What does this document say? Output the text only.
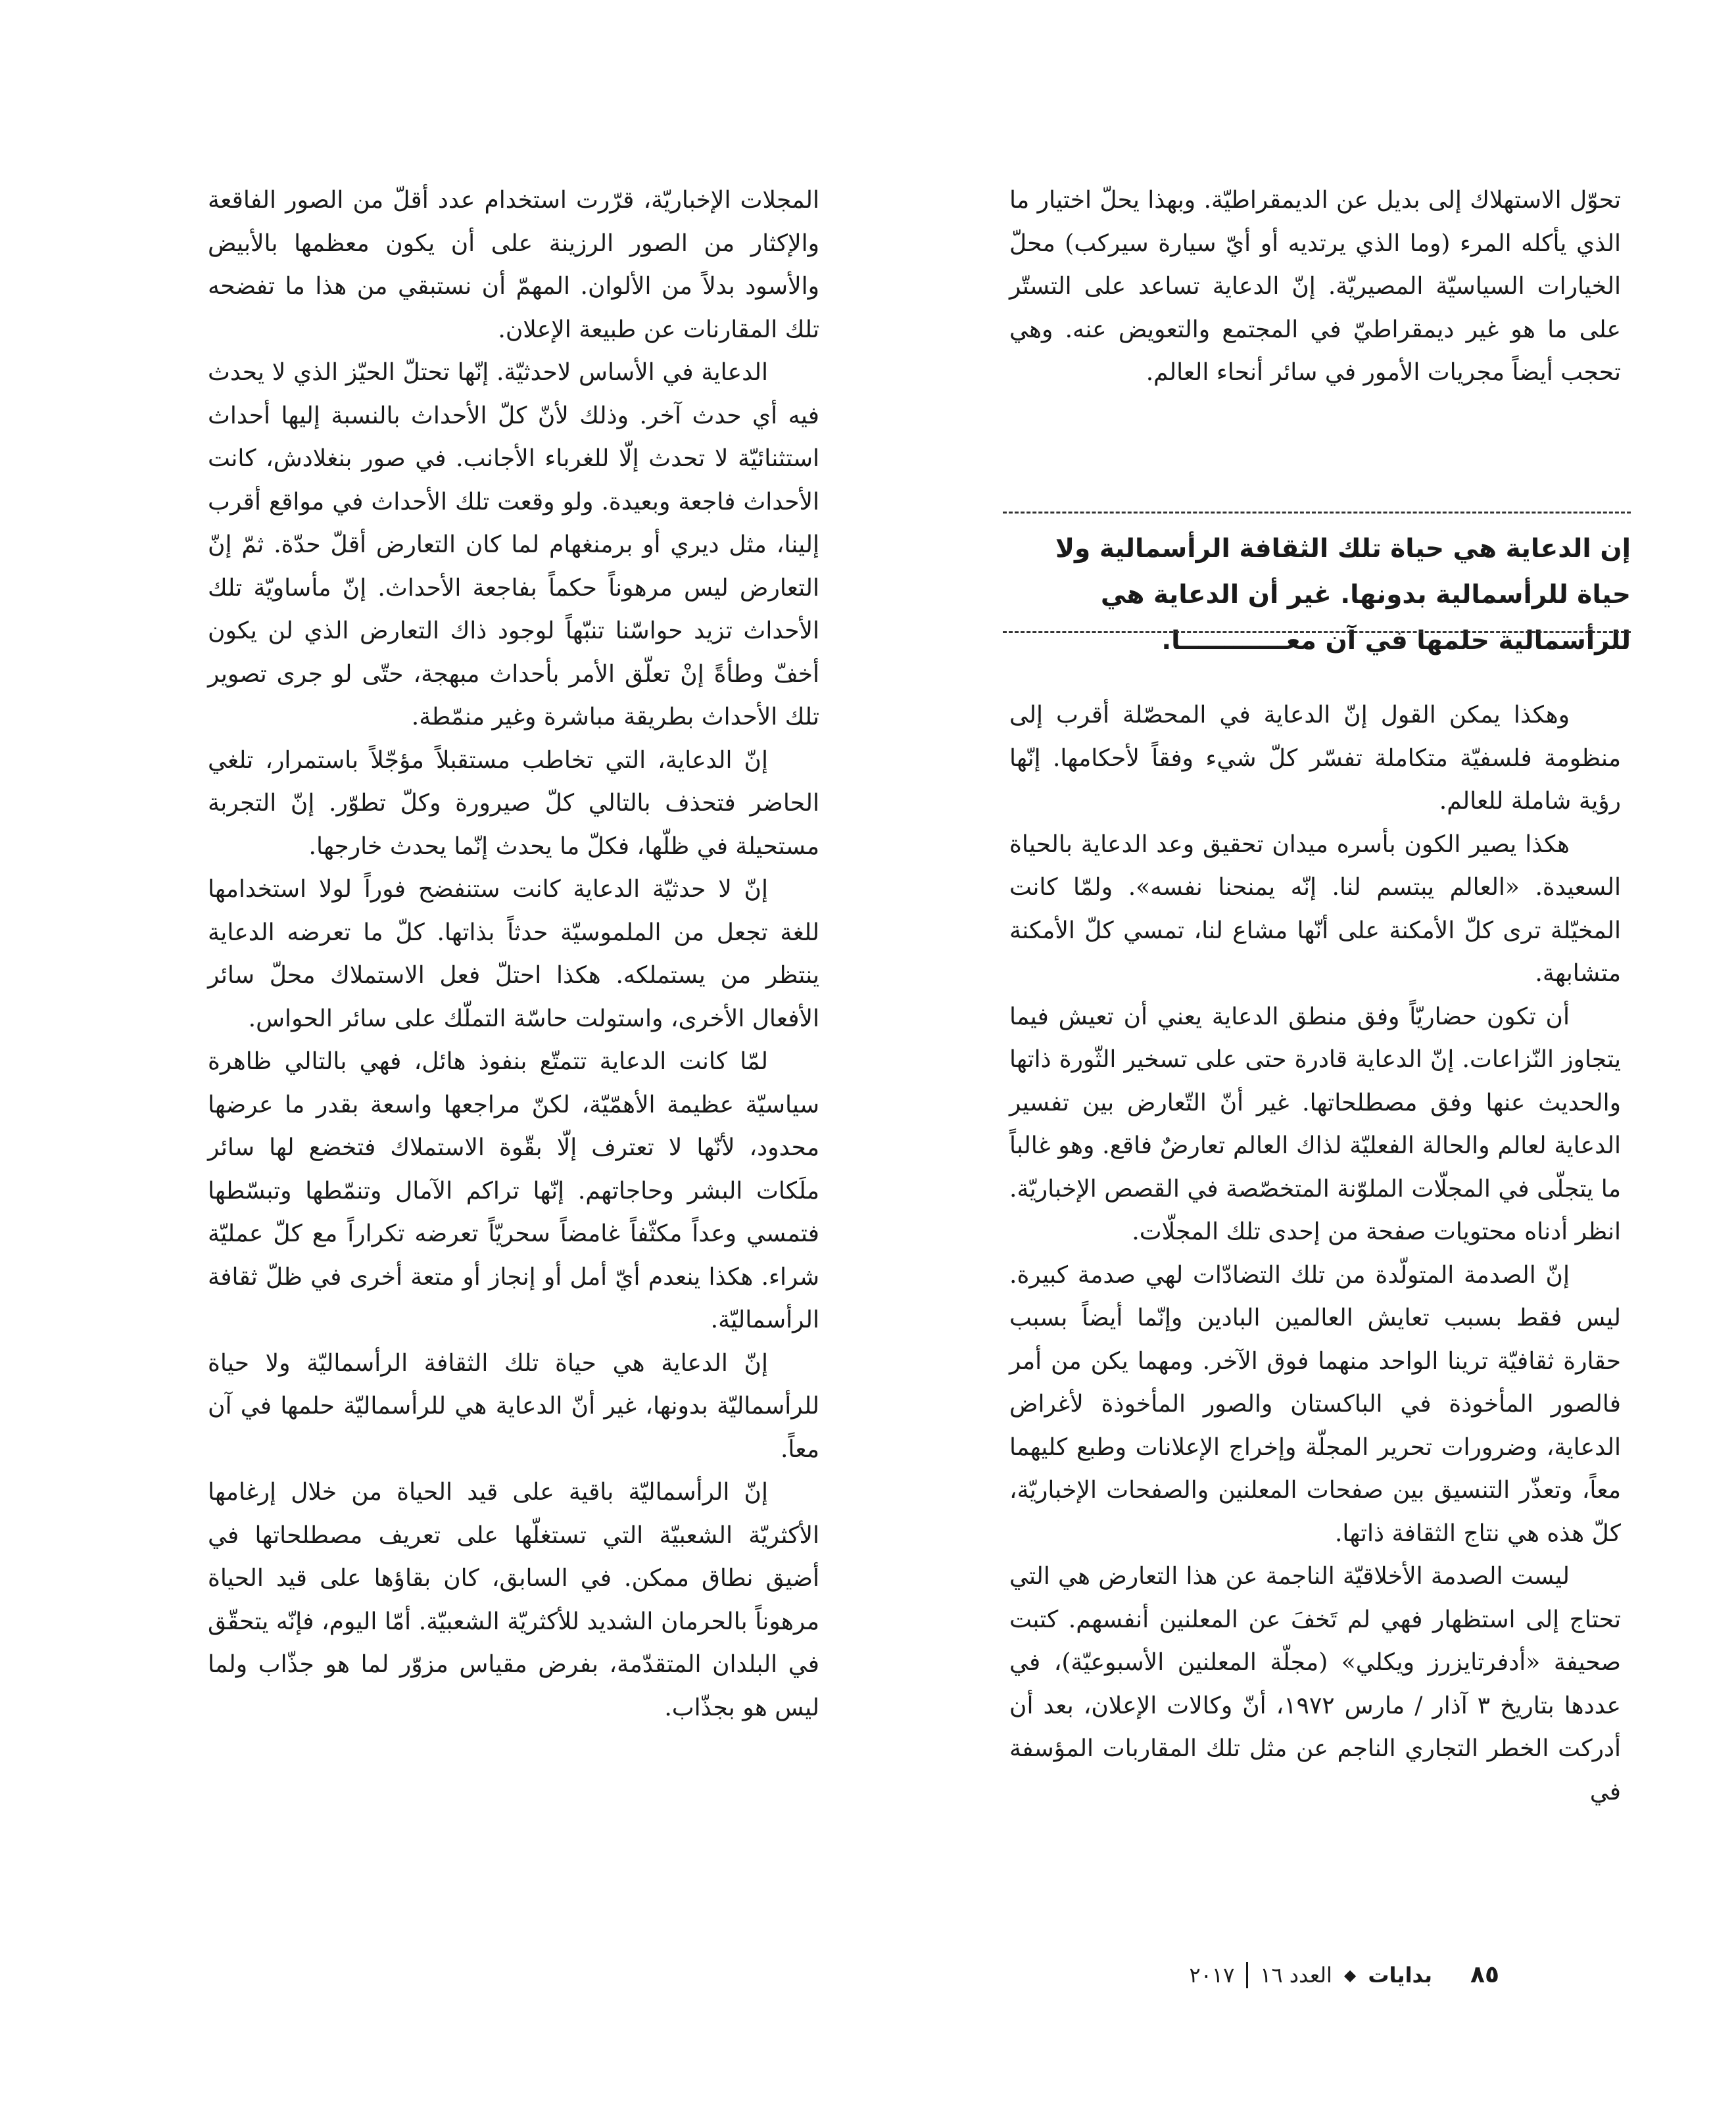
تحوّل الاستهلاك إلى بديل عن الديمقراطيّة. وبهذا يحلّ اختيار ما الذي يأكله المرء (وما الذي يرتديه أو أيّ سيارة سيركب) محلّ الخيارات السياسيّة المصيريّة. إنّ الدعاية تساعد على التستّر على ما هو غير ديمقراطيّ في المجتمع والتعويض عنه. وهي تحجب أيضاً مجريات الأمور في سائر أنحاء العالم.

إن الدعاية هي حياة تلك الثقافة الرأسمالية ولا حياة للرأسمالية بدونها. غير أن الدعاية هي للرأسمالية حلمها في آن معــــــــــــا.

وهكذا يمكن القول إنّ الدعاية في المحصّلة أقرب إلى منظومة فلسفيّة متكاملة تفسّر كلّ شيء وفقاً لأحكامها. إنّها رؤية شاملة للعالم.

هكذا يصير الكون بأسره ميدان تحقيق وعد الدعاية بالحياة السعيدة. «العالم يبتسم لنا. إنّه يمنحنا نفسه». ولمّا كانت المخيّلة ترى كلّ الأمكنة على أنّها مشاع لنا، تمسي كلّ الأمكنة متشابهة.

أن تكون حضاريّاً وفق منطق الدعاية يعني أن تعيش فيما يتجاوز النّزاعات. إنّ الدعاية قادرة حتى على تسخير الثّورة ذاتها والحديث عنها وفق مصطلحاتها. غير أنّ التّعارض بين تفسير الدعاية لعالم والحالة الفعليّة لذاك العالم تعارضٌ فاقع. وهو غالباً ما يتجلّى في المجلّات الملوّنة المتخصّصة في القصص الإخباريّة. انظر أدناه محتويات صفحة من إحدى تلك المجلّات.

إنّ الصدمة المتولّدة من تلك التضادّات لهي صدمة كبيرة. ليس فقط بسبب تعايش العالمين البادين وإنّما أيضاً بسبب حقارة ثقافيّة ترينا الواحد منهما فوق الآخر. ومهما يكن من أمر فالصور المأخوذة في الباكستان والصور المأخوذة لأغراض الدعاية، وضرورات تحرير المجلّة وإخراج الإعلانات وطبع كليهما معاً، وتعذّر التنسيق بين صفحات المعلنين والصفحات الإخباريّة، كلّ هذه هي نتاج الثقافة ذاتها.

ليست الصدمة الأخلاقيّة الناجمة عن هذا التعارض هي التي تحتاج إلى استظهار فهي لم تَخفَ عن المعلنين أنفسهم. كتبت صحيفة «أدفرتايزرز ويكلي» (مجلّة المعلنين الأسبوعيّة)، في عددها بتاريخ ٣ آذار / مارس ١٩٧٢، أنّ وكالات الإعلان، بعد أن أدركت الخطر التجاري الناجم عن مثل تلك المقاربات المؤسفة في

المجلات الإخباريّة، قرّرت استخدام عدد أقلّ من الصور الفاقعة والإكثار من الصور الرزينة على أن يكون معظمها بالأبيض والأسود بدلاً من الألوان. المهمّ أن نستبقي من هذا ما تفضحه تلك المقارنات عن طبيعة الإعلان.

الدعاية في الأساس لاحدثيّة. إنّها تحتلّ الحيّز الذي لا يحدث فيه أي حدث آخر. وذلك لأنّ كلّ الأحداث بالنسبة إليها أحداث استثنائيّة لا تحدث إلّا للغرباء الأجانب. في صور بنغلادش، كانت الأحداث فاجعة وبعيدة. ولو وقعت تلك الأحداث في مواقع أقرب إلينا، مثل ديري أو برمنغهام لما كان التعارض أقلّ حدّة. ثمّ إنّ التعارض ليس مرهوناً حكماً بفاجعة الأحداث. إنّ مأساويّة تلك الأحداث تزيد حواسّنا تنبّهاً لوجود ذاك التعارض الذي لن يكون أخفّ وطأةً إنْ تعلّق الأمر بأحداث مبهجة، حتّى لو جرى تصوير تلك الأحداث بطريقة مباشرة وغير منمّطة.

إنّ الدعاية، التي تخاطب مستقبلاً مؤجّلاً باستمرار، تلغي الحاضر فتحذف بالتالي كلّ صيرورة وكلّ تطوّر. إنّ التجربة مستحيلة في ظلّها، فكلّ ما يحدث إنّما يحدث خارجها.

إنّ لا حدثيّة الدعاية كانت ستنفضح فوراً لولا استخدامها للغة تجعل من الملموسيّة حدثاً بذاتها. كلّ ما تعرضه الدعاية ينتظر من يستملكه. هكذا احتلّ فعل الاستملاك محلّ سائر الأفعال الأخرى، واستولت حاسّة التملّك على سائر الحواس.

لمّا كانت الدعاية تتمتّع بنفوذ هائل، فهي بالتالي ظاهرة سياسيّة عظيمة الأهمّيّة، لكنّ مراجعها واسعة بقدر ما عرضها محدود، لأنّها لا تعترف إلّا بقّوة الاستملاك فتخضع لها سائر ملَكات البشر وحاجاتهم. إنّها تراكم الآمال وتنمّطها وتبسّطها فتمسي وعداً مكثّفاً غامضاً سحريّاً تعرضه تكراراً مع كلّ عمليّة شراء. هكذا ينعدم أيّ أمل أو إنجاز أو متعة أخرى في ظلّ ثقافة الرأسماليّة.

إنّ الدعاية هي حياة تلك الثقافة الرأسماليّة ولا حياة للرأسماليّة بدونها، غير أنّ الدعاية هي للرأسماليّة حلمها في آن معاً.

إنّ الرأسماليّة باقية على قيد الحياة من خلال إرغامها الأكثريّة الشعبيّة التي تستغلّها على تعريف مصطلحاتها في أضيق نطاق ممكن. في السابق، كان بقاؤها على قيد الحياة مرهوناً بالحرمان الشديد للأكثريّة الشعبيّة. أمّا اليوم، فإنّه يتحقّق في البلدان المتقدّمة، بفرض مقياس مزوّر لما هو جذّاب ولما ليس هو بجذّاب.

٨٥
بدايات
◆
العدد ١٦
٢٠١٧
